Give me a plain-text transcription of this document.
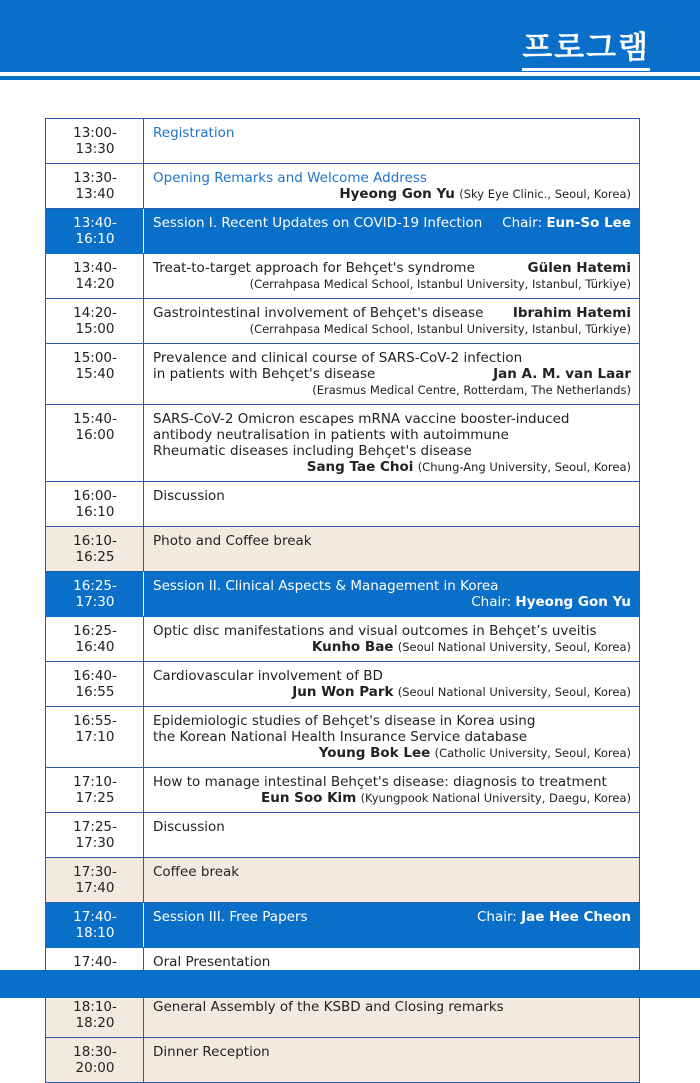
프로그램
13:00-13:30	Registration

13:30-13:40	Opening Remarks and Welcome Address
Hyeong Gon Yu (Sky Eye Clinic., Seoul, Korea)

13:40-16:10	Session I. Recent Updates on COVID-19 Infection Chair: Eun-So Lee

13:40-14:20	Treat-to-target approach for Behçet's syndrome Gülen Hatemi
(Cerrahpasa Medical School, Istanbul University, Istanbul, Türkiye)

14:20-15:00	Gastrointestinal involvement of Behçet's disease Ibrahim Hatemi
(Cerrahpasa Medical School, Istanbul University, Istanbul, Türkiye)

15:00-15:40	Prevalence and clinical course of SARS-CoV-2 infection
in patients with Behçet's disease Jan A. M. van Laar
(Erasmus Medical Centre, Rotterdam, The Netherlands)

15:40-16:00	SARS-CoV-2 Omicron escapes mRNA vaccine booster-induced
antibody neutralisation in patients with autoimmune
Rheumatic diseases including Behçet's disease
Sang Tae Choi (Chung-Ang University, Seoul, Korea)

16:00-16:10	Discussion
16:10-16:25	Photo and Coffee break
16:25-17:30	Session II. Clinical Aspects & Management in Korea
Chair: Hyeong Gon Yu

16:25-16:40	Optic disc manifestations and visual outcomes in Behçet’s uveitis
Kunho Bae (Seoul National University, Seoul, Korea)

16:40-16:55	Cardiovascular involvement of BD
Jun Won Park (Seoul National University, Seoul, Korea)

16:55-17:10	Epidemiologic studies of Behçet's disease in Korea using
the Korean National Health Insurance Service database
Young Bok Lee (Catholic University, Seoul, Korea)

17:10-17:25	How to manage intestinal Behçet's disease: diagnosis to treatment
Eun Soo Kim (Kyungpook National University, Daegu, Korea)

17:25-17:30	Discussion
17:30-17:40	Coffee break
17:40-18:10	Session III. Free Papers Chair: Jae Hee Cheon

17:40-	Oral Presentation
18:10-18:20	General Assembly of the KSBD and Closing remarks
18:30-20:00	Dinner Reception
